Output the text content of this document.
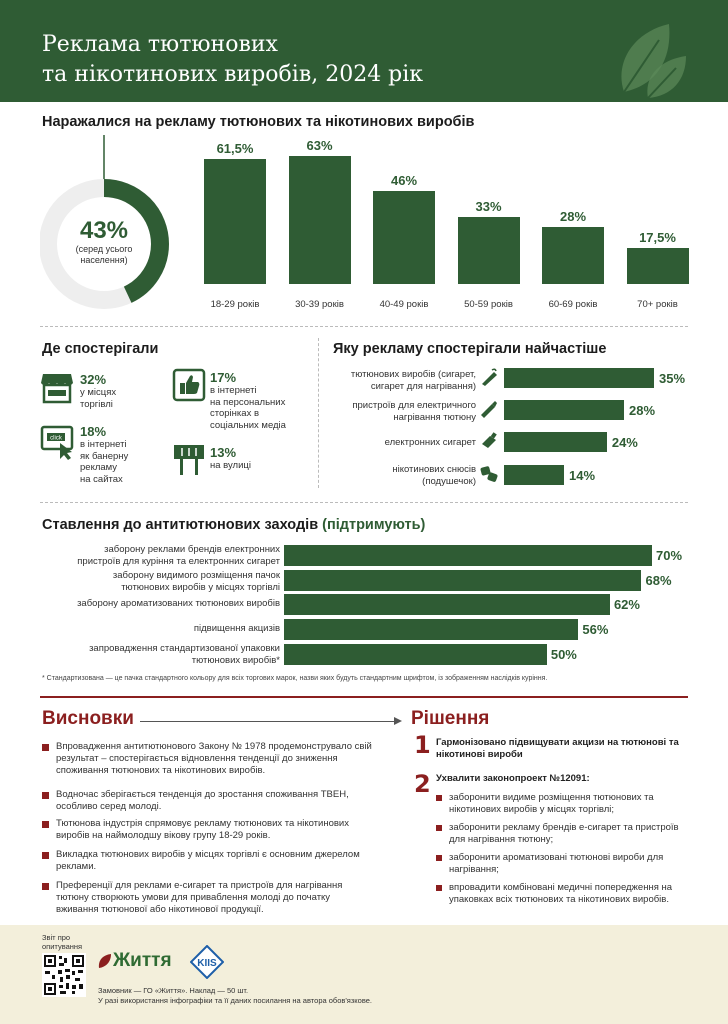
Реклама тютюнових
та нікотинових виробів, 2024 рік
Наражалися на рекламу тютюнових та нікотинових виробів
43%
(серед усього
населення)
61,5%
18-29 років
63%
30-39 років
46%
40-49 років
33%
50-59 років
28%
60-69 років
17,5%
70+ років
Де спостерігали
32%
у місцях
торгівлі
click 18%
в інтернеті
як банерну
рекламу
на сайтах
17%
в інтернеті
на персональних
сторінках в
соціальних медіа
13%
на вулиці
Яку рекламу спостерігали найчастіше
тютюнових виробів (сигарет,
сигарет для нагрівання)
35%
пристроїв для електричного
нагрівання тютюну	28%
електронних сигарет	24%
нікотинових снюсів
(подушечок)	14%
Ставлення до антитютюнових заходів (підтримують)
заборону реклами брендів електронних
пристроїв для куріння та електронних сигарет	70%
заборону видимого розміщення пачок
тютюнових виробів у місцях торгівлі	68%
заборону ароматизованих тютюнових виробів	62%
підвищення акцизів	56%
запровадження стандартизованої упаковки
тютюнових виробів*	50%
* Стандартизована — це пачка стандартного кольору для всіх торгових марок, назви яких будуть стандартним шрифтом, із зображенням наслідків куріння.
Висновки	Рішення
Впровадження антитютюнового Закону № 1978 продемонструвало свій результат – спостерігається відновлення тенденції до зниження споживання тютюнових та нікотинових виробів.
Водночас зберігається тенденція до зростання споживання ТВЕН, особливо серед молоді.
Тютюнова індустрія спрямовує рекламу тютюнових та нікотинових виробів на наймолодшу вікову групу 18-29 років.
Викладка тютюнових виробів у місцях торгівлі є основним джерелом реклами.
Преференції для реклами е-сигарет та пристроїв для нагрівання тютюну створюють умови для приваблення молоді до початку вживання тютюнової або нікотинової продукції.
1 Гармонізовано підвищувати акцизи на тютюнові та нікотинові вироби
2 Ухвалити законопроект №12091:
заборонити видиме розміщення тютюнових та нікотинових виробів у місцях торгівлі;
заборонити рекламу брендів е-сигарет та пристроїв для нагрівання тютюну;
заборонити ароматизовані тютюнові вироби для нагрівання;
впровадити комбіновані медичні попередження на упаковках всіх тютюнових та нікотинових виробів.
Звіт про
опитування
Життя	KIIS
Замовник — ГО «Життя». Наклад — 50 шт.
У разі використання інфографіки та її даних посилання на автора обов'язкове.
